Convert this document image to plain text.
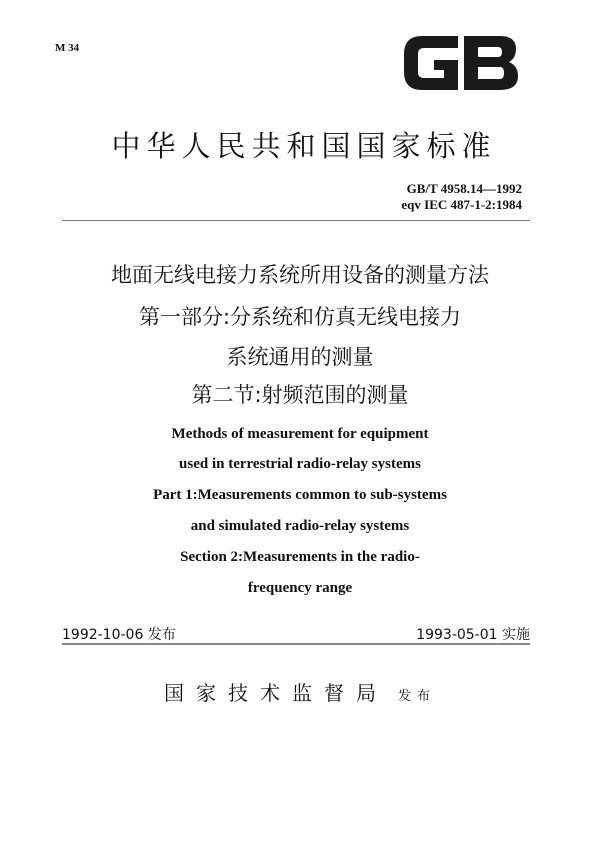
M 34
中华人民共和国国家标准
GB/T 4958.14—1992
eqv IEC 487-1-2:1984
地面无线电接力系统所用设备的测量方法
第一部分:分系统和仿真无线电接力
系统通用的测量
第二节:射频范围的测量
Methods of measurement for equipment
used in terrestrial radio-relay systems
Part 1:Measurements common to sub-systems
and simulated radio-relay systems
Section 2:Measurements in the radio-
frequency range
1992-10-06 发布	1993-05-01 实施
国家技术监督局 发布
